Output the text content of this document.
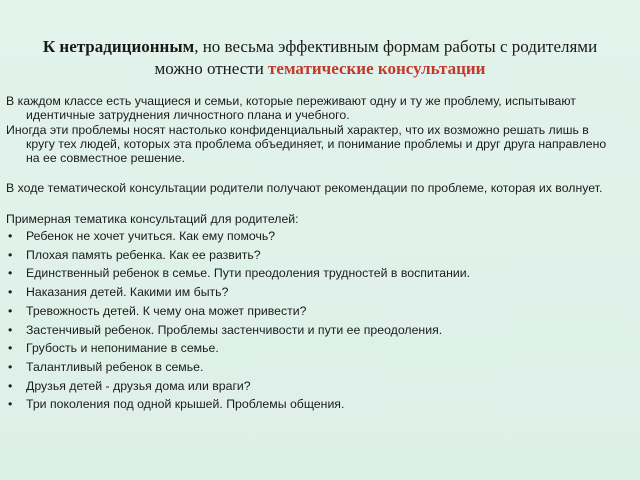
К нетрадиционным, но весьма эффективным формам работы с родителями можно отнести тематические консультации

В каждом классе есть учащиеся и семьи, которые переживают одну и ту же проблему, испытывают идентичные затруднения личностного плана и учебного.

Иногда эти проблемы носят настолько конфиденциальный характер, что их возможно решать лишь в кругу тех людей, которых эта проблема объединяет, и понимание проблемы и друг друга направлено на ее совместное решение.

В ходе тематической консультации родители получают рекомендации по проблеме, которая их волнует.

Примерная тематика консультаций для родителей:

• Ребенок не хочет учиться. Как ему помочь?
• Плохая память ребенка. Как ее развить?
• Единственный ребенок в семье. Пути преодоления трудностей в воспитании.
• Наказания детей. Какими им быть?
• Тревожность детей. К чему она может привести?
• Застенчивый ребенок. Проблемы застенчивости и пути ее преодоления.
• Грубость и непонимание в семье.
• Талантливый ребенок в семье.
• Друзья детей - друзья дома или враги?
• Три поколения под одной крышей. Проблемы общения.
